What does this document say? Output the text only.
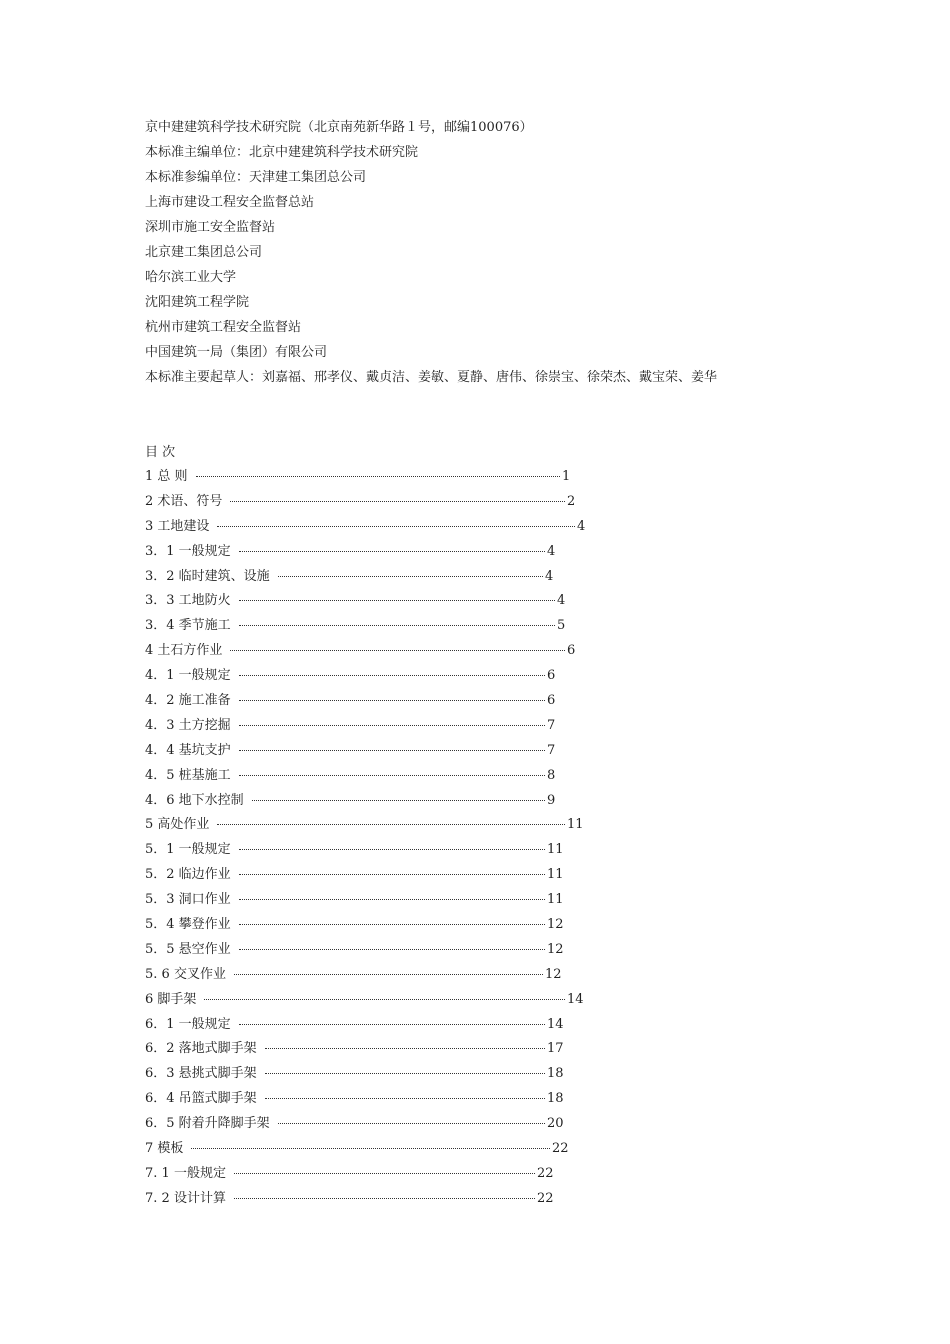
京中建建筑科学技术研究院（北京南苑新华路１号，邮编100076）
本标准主编单位：北京中建建筑科学技术研究院
本标准参编单位：天津建工集团总公司
上海市建设工程安全监督总站
深圳市施工安全监督站
北京建工集团总公司
哈尔滨工业大学
沈阳建筑工程学院
杭州市建筑工程安全监督站
中国建筑一局（集团）有限公司
本标准主要起草人：刘嘉福、邢孝仪、戴贞洁、姜敏、夏静、唐伟、徐崇宝、徐荣杰、戴宝荣、姜华
目 次
1 总 则	1
2 术语、符号	2
3 工地建设	4
3．1 一般规定	4
3．2 临时建筑、设施	4
3．3 工地防火	4
3．4 季节施工	5
4 土石方作业	6
4．1 一般规定	6
4．2 施工准备	6
4．3 土方挖掘	7
4．4 基坑支护	7
4．5 桩基施工	8
4．6 地下水控制	9
5 高处作业	11
5．1 一般规定	11
5．2 临边作业	11
5．3 洞口作业	11
5．4 攀登作业	12
5．5 悬空作业	12
5. 6 交叉作业	12
6 脚手架	14
6．1 一般规定	14
6．2 落地式脚手架	17
6．3 悬挑式脚手架	18
6．4 吊篮式脚手架	18
6．5 附着升降脚手架	20
7 模板	22
7. 1 一般规定	22
7. 2 设计计算	22
